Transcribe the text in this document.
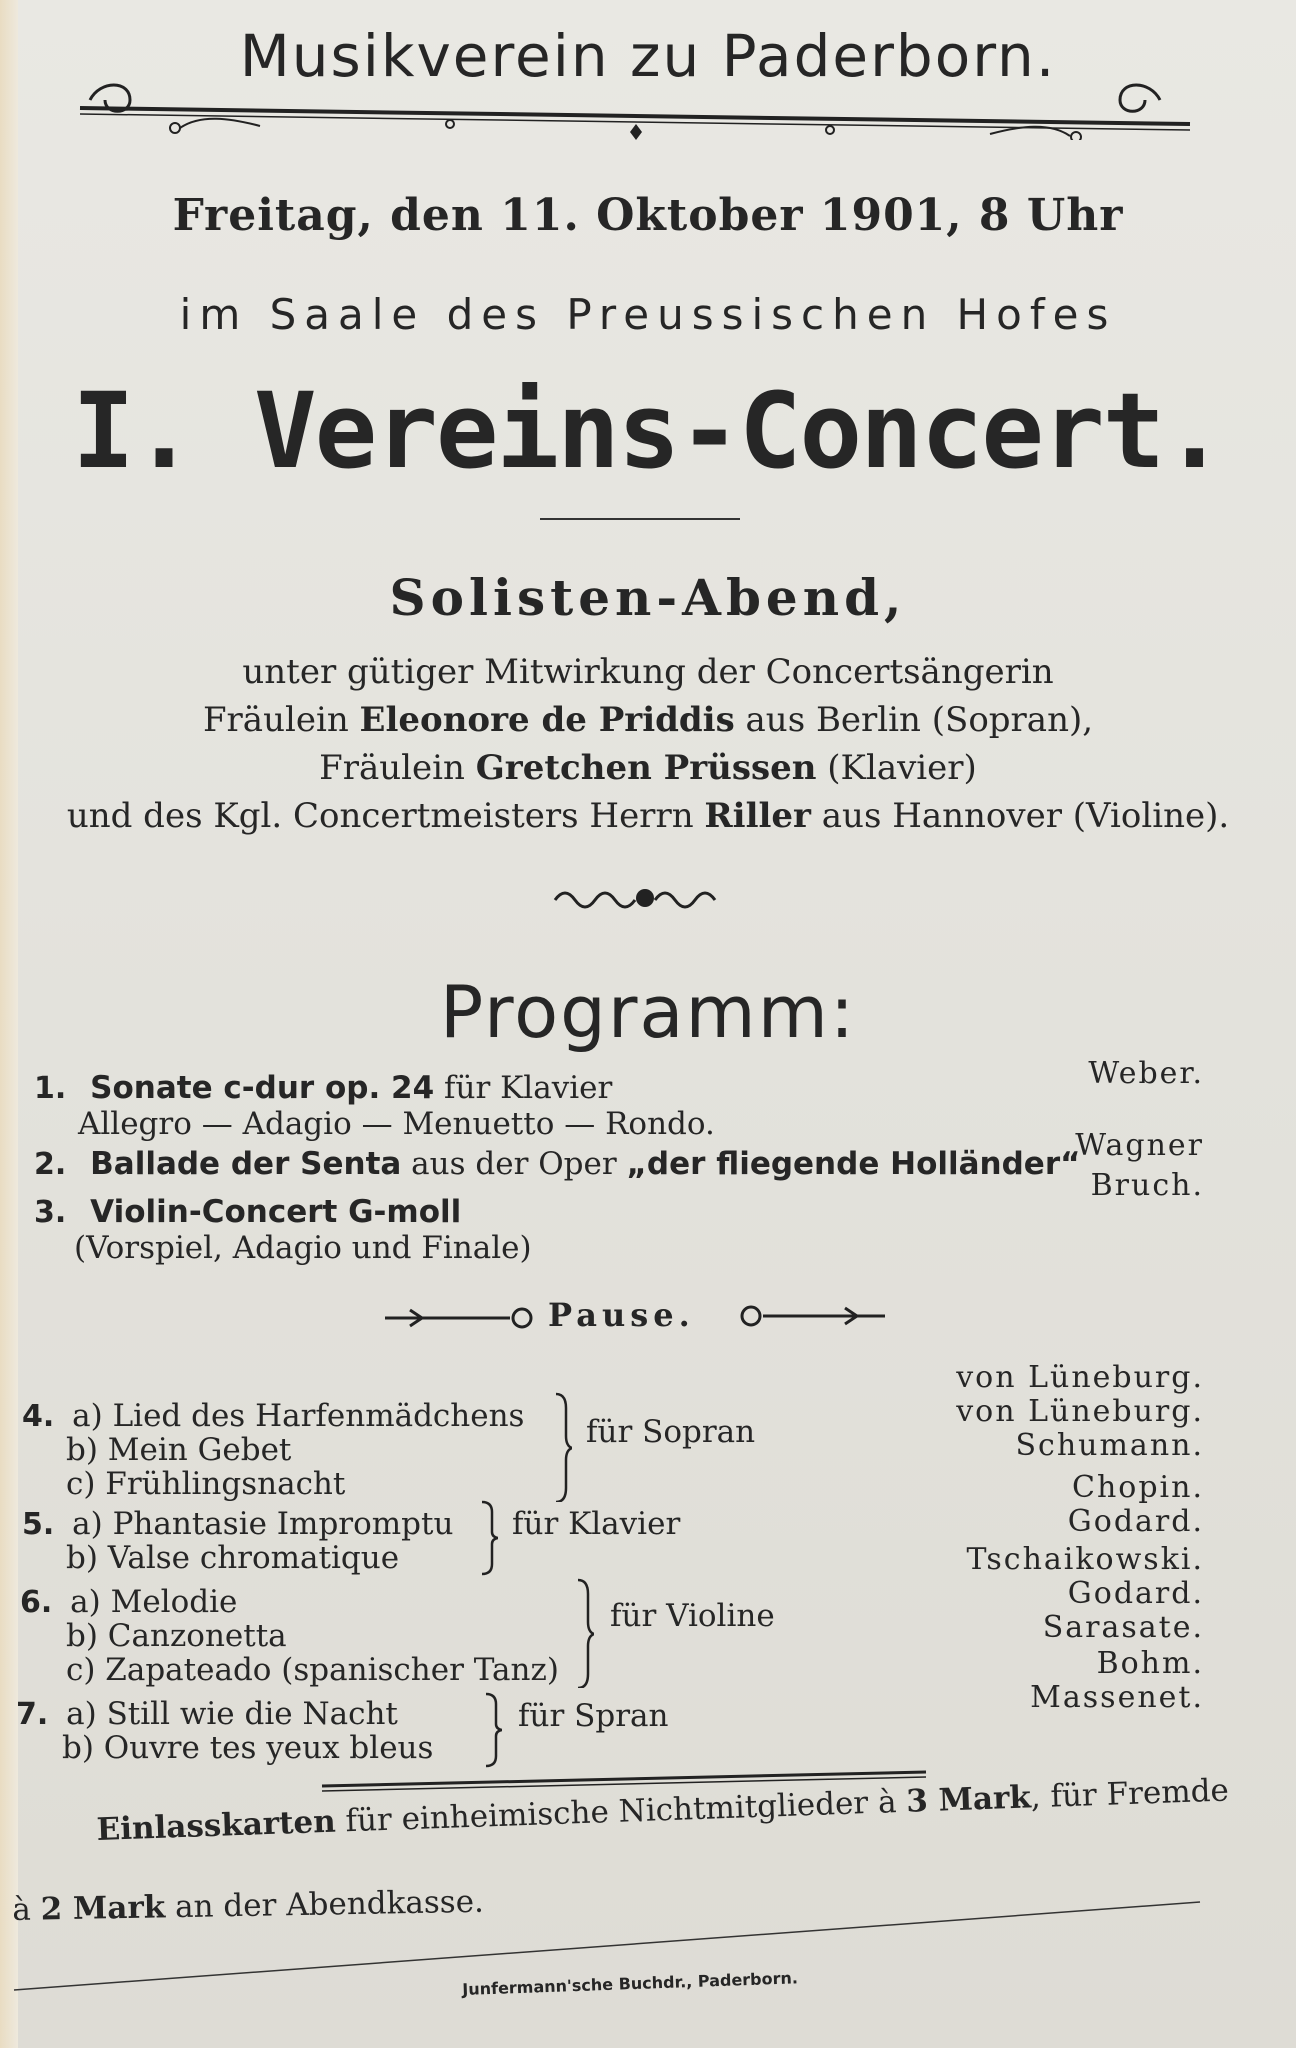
Musikverein zu Paderborn.
Freitag, den 11. Oktober 1901, 8 Uhr
im Saale des Preussischen Hofes
I. Vereins-Concert.
Solisten-Abend,
unter gütiger Mitwirkung der Concertsängerin
Fräulein Eleonore de Priddis aus Berlin (Sopran),
Fräulein Gretchen Prüssen (Klavier)
und des Kgl. Concertmeisters Herrn Riller aus Hannover (Violine).
Programm:
1. Sonate c-dur op. 24 für Klavier
Allegro — Adagio — Menuetto — Rondo.
Weber.
2. Ballade der Senta aus der Oper „der fliegende Holländer“
Wagner
3. Violin-Concert G-moll
(Vorspiel, Adagio und Finale)
Bruch.
Pause.
4. a) Lied des Harfenmädchens
b) Mein Gebet
c) Frühlingsnacht
für Sopran
von Lüneburg.
von Lüneburg.
Schumann.
5. a) Phantasie Impromptu
b) Valse chromatique
für Klavier
Chopin.
Godard.
6. a) Melodie
b) Canzonetta
c) Zapateado (spanischer Tanz)
für Violine
Tschaikowski.
Godard.
Sarasate.
7. a) Still wie die Nacht
b) Ouvre tes yeux bleus
für Spran
Bohm.
Massenet.
Einlasskarten für einheimische Nichtmitglieder à 3 Mark, für Fremde
à 2 Mark an der Abendkasse.
Junfermann'sche Buchdr., Paderborn.
